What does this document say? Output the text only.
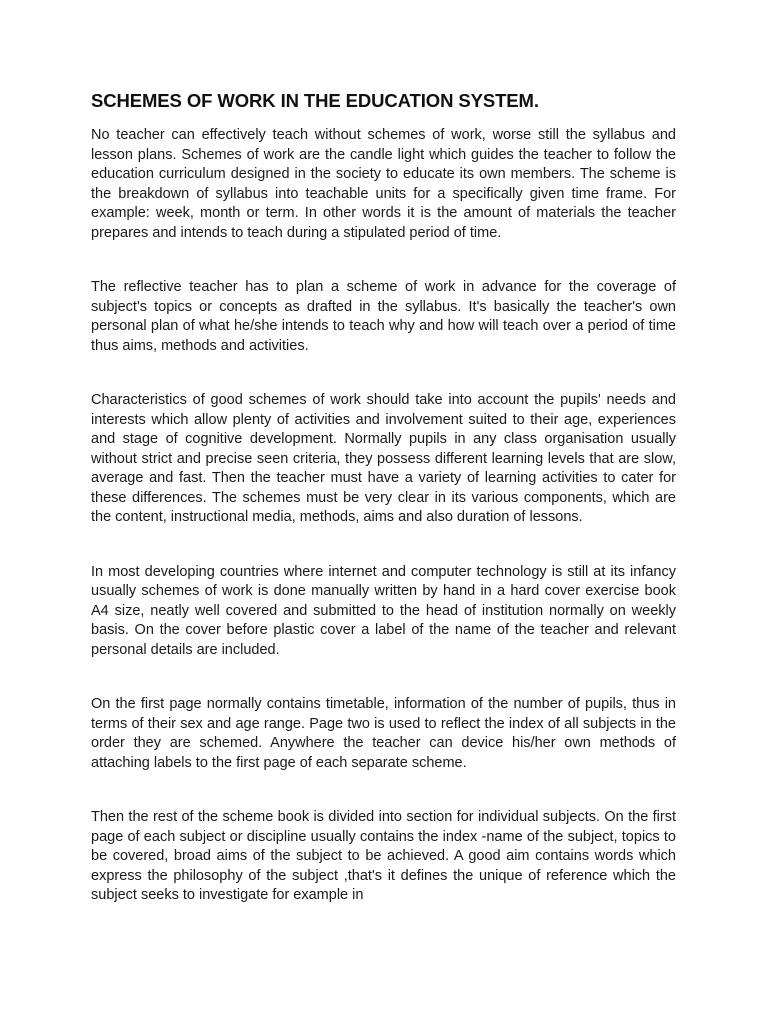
SCHEMES OF WORK IN THE EDUCATION SYSTEM.

No teacher can effectively teach without schemes of work, worse still the syllabus and lesson plans. Schemes of work are the candle light which guides the teacher to follow the education curriculum designed in the society to educate its own members. The scheme is the breakdown of syllabus into teachable units for a specifically given time frame. For example: week, month or term. In other words it is the amount of materials the teacher prepares and intends to teach during a stipulated period of time.

The reflective teacher has to plan a scheme of work in advance for the coverage of subject's topics or concepts as drafted in the syllabus. It's basically the teacher's own personal plan of what he/she intends to teach why and how will teach over a period of time thus aims, methods and activities.

Characteristics of good schemes of work should take into account the pupils' needs and interests which allow plenty of activities and involvement suited to their age, experiences and stage of cognitive development. Normally pupils in any class organisation usually without strict and precise seen criteria, they possess different learning levels that are slow, average and fast. Then the teacher must have a variety of learning activities to cater for these differences. The schemes must be very clear in its various components, which are the content, instructional media, methods, aims and also duration of lessons.

In most developing countries where internet and computer technology is still at its infancy usually schemes of work is done manually written by hand in a hard cover exercise book A4 size, neatly well covered and submitted to the head of institution normally on weekly basis. On the cover before plastic cover a label of the name of the teacher and relevant personal details are included.

On the first page normally contains timetable, information of the number of pupils, thus in terms of their sex and age range. Page two is used to reflect the index of all subjects in the order they are schemed. Anywhere the teacher can device his/her own methods of attaching labels to the first page of each separate scheme.

Then the rest of the scheme book is divided into section for individual subjects. On the first page of each subject or discipline usually contains the index -name of the subject, topics to be covered, broad aims of the subject to be achieved. A good aim contains words which express the philosophy of the subject ,that's it defines the unique of reference which the subject seeks to investigate for example in
